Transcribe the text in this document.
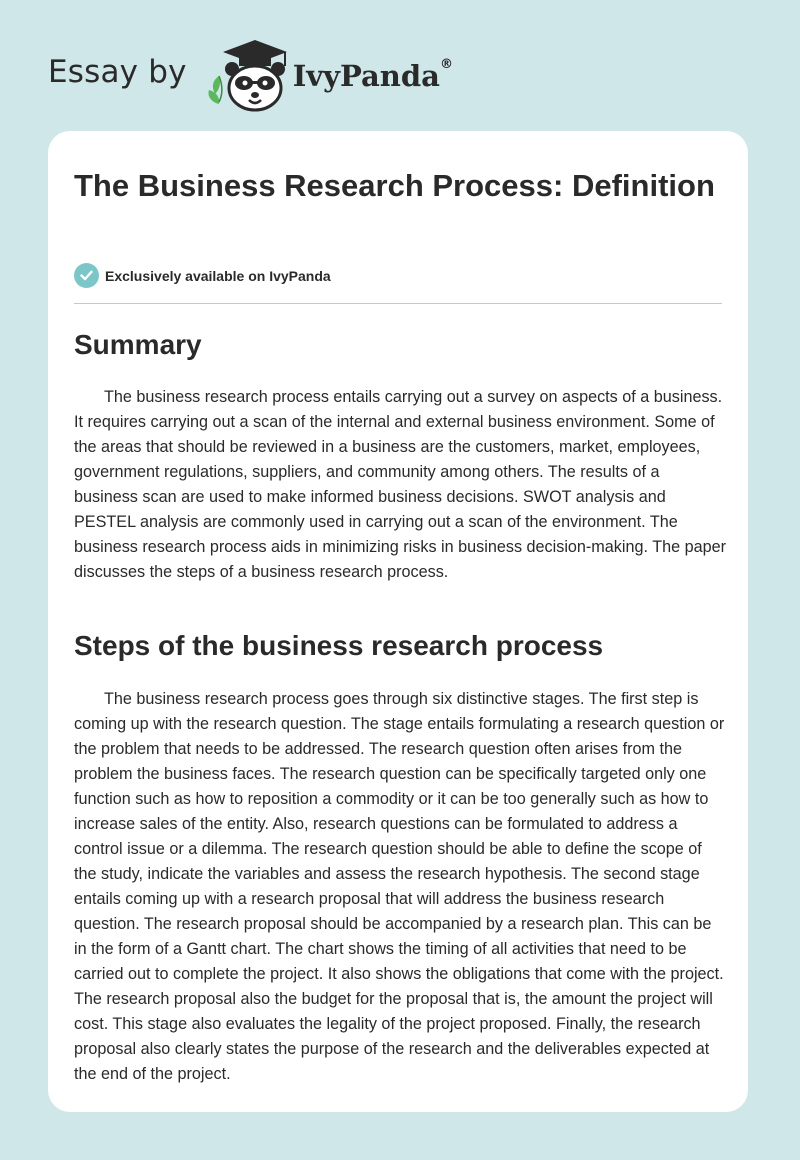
Essay by	IvyPanda®
The Business Research Process: Definition
Exclusively available on IvyPanda
Summary

The business research process entails carrying out a survey on aspects of a business. It requires carrying out a scan of the internal and external business environment. Some of the areas that should be reviewed in a business are the customers, market, employees, government regulations, suppliers, and community among others. The results of a business scan are used to make informed business decisions. SWOT analysis and PESTEL analysis are commonly used in carrying out a scan of the environment. The business research process aids in minimizing risks in business decision-making. The paper discusses the steps of a business research process.

Steps of the business research process

The business research process goes through six distinctive stages. The first step is coming up with the research question. The stage entails formulating a research question or the problem that needs to be addressed. The research question often arises from the problem the business faces. The research question can be specifically targeted only one function such as how to reposition a commodity or it can be too generally such as how to increase sales of the entity. Also, research questions can be formulated to address a control issue or a dilemma. The research question should be able to define the scope of the study, indicate the variables and assess the research hypothesis. The second stage entails coming up with a research proposal that will address the business research question. The research proposal should be accompanied by a research plan. This can be in the form of a Gantt chart. The chart shows the timing of all activities that need to be carried out to complete the project. It also shows the obligations that come with the project. The research proposal also the budget for the proposal that is, the amount the project will cost. This stage also evaluates the legality of the project proposed. Finally, the research proposal also clearly states the purpose of the research and the deliverables expected at the end of the project.
